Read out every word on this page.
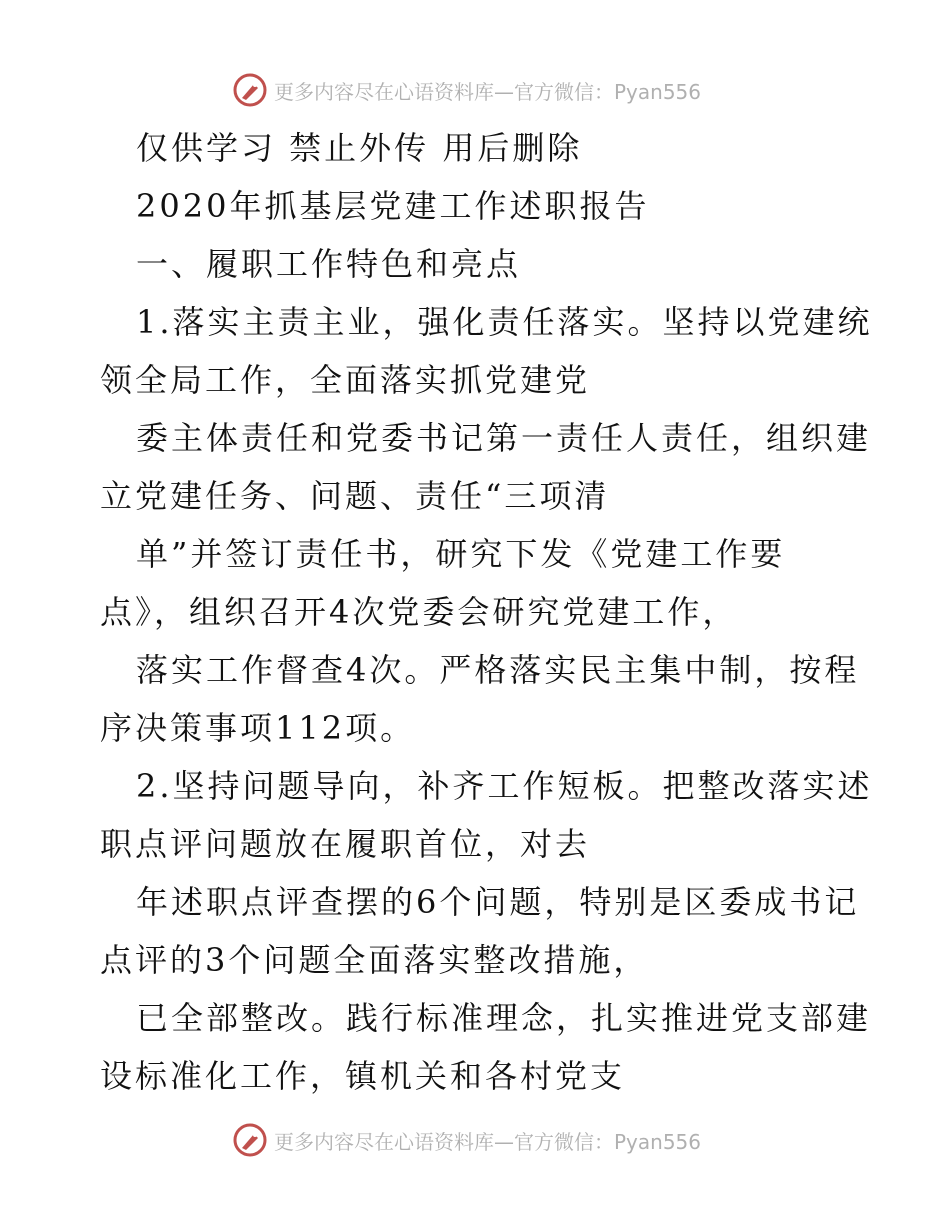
更多内容尽在心语资料库—官方微信：Pyan556
仅供学习 禁止外传 用后删除
2020年抓基层党建工作述职报告
一、履职工作特色和亮点
1.落实主责主业，强化责任落实。坚持以党建统
领全局工作，全面落实抓党建党
委主体责任和党委书记第一责任人责任，组织建
立党建任务、问题、责任“三项清
单”并签订责任书，研究下发《党建工作要
点》，组织召开4次党委会研究党建工作，
落实工作督查4次。严格落实民主集中制，按程
序决策事项112项。
2.坚持问题导向，补齐工作短板。把整改落实述
职点评问题放在履职首位，对去
年述职点评查摆的6个问题，特别是区委成书记
点评的3个问题全面落实整改措施，
已全部整改。践行标准理念，扎实推进党支部建
设标准化工作，镇机关和各村党支
更多内容尽在心语资料库—官方微信：Pyan556
